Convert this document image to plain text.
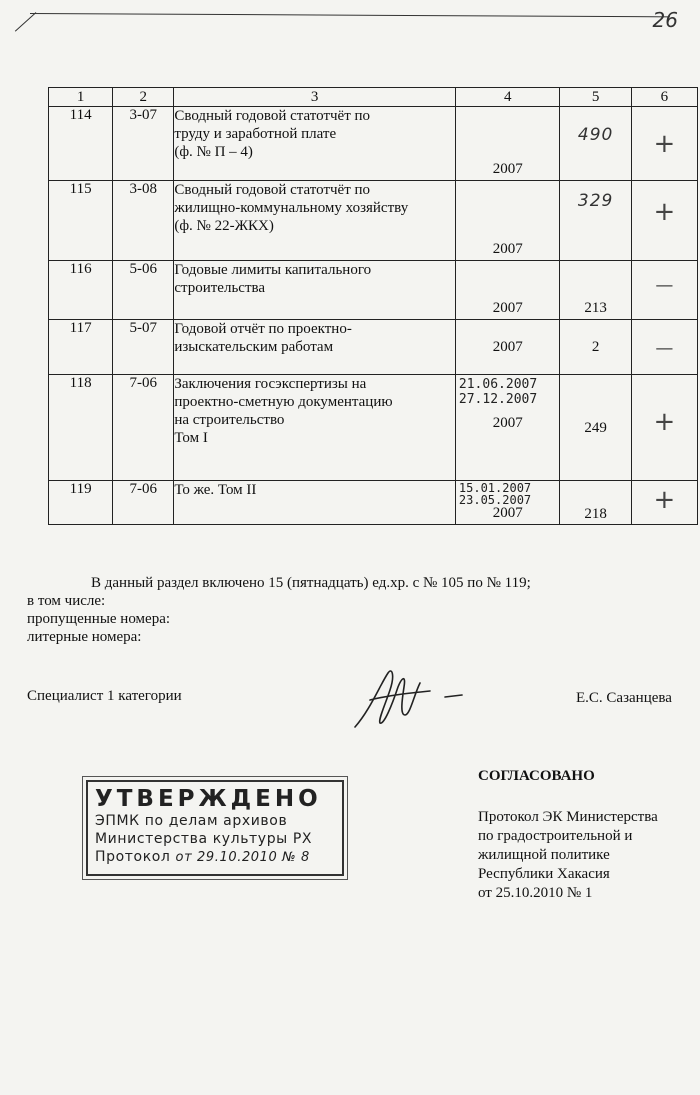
26
1	2	3	4	5	6
114	3-07	Сводный годовой статотчёт по
труду и заработной плате
(ф. № П – 4)	2007	490	+

115	3-08	Сводный годовой статотчёт по
жилищно-коммунальному хозяйству
(ф. № 22-ЖКХ)	2007	329	+

116	5-06	Годовые лимиты капитального
строительства	2007	213	—

117	5-07	Годовой отчёт по проектно-
изыскательским работам	2007	2	—

118	7-06	Заключения госэкспертизы на
проектно-сметную документацию
на строительство
Том I	21.06.2007
27.12.2007
2007	249	+

119	7-06	То же. Том II	15.01.2007
23.05.2007
2007	218	+
В данный раздел включено 15 (пятнадцать) ед.хр. с № 105 по № 119;
в том числе:
пропущенные номера:
литерные номера:
Специалист 1 категории	Е.С. Сазанцева
СОГЛАСОВАНО
Протокол ЭК Министерства
по градостроительной и
жилищной политике
Республики Хакасия
от 25.10.2010 № 1
УТВЕРЖДЕНО
ЭПМК по делам архивов
Министерства культуры РХ
Протокол от 29.10.2010 № 8
